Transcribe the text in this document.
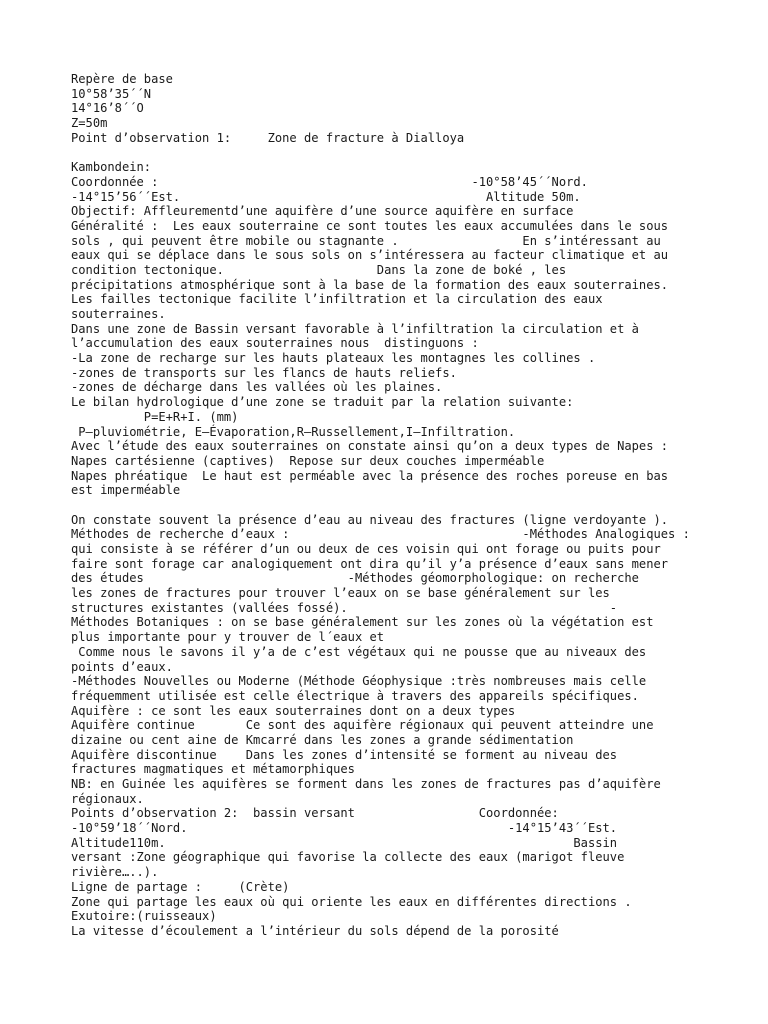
Repère de base
10°58’35´´N
14°16’8´´O
Z=50m
Point d’observation 1:     Zone de fracture à Dialloya
Kambondein:
Coordonnée :                                           -10°58’45´´Nord.
-14°15’56´´Est.                                          Altitude 50m.
Objectif: Affleurementd’une aquifère d’une source aquifère en surface
Généralité :  Les eaux souterraine ce sont toutes les eaux accumulées dans le sous
sols , qui peuvent être mobile ou stagnante .                 En s’intéressant au
eaux qui se déplace dans le sous sols on s’intéressera au facteur climatique et au
condition tectonique.                     Dans la zone de boké , les
précipitations atmosphérique sont à la base de la formation des eaux souterraines.
Les failles tectonique facilite l’infiltration et la circulation des eaux
souterraines.
Dans une zone de Bassin versant favorable à l’infiltration la circulation et à
l’accumulation des eaux souterraines nous  distinguons :
-La zone de recharge sur les hauts plateaux les montagnes les collines .
-zones de transports sur les flancs de hauts reliefs.
-zones de décharge dans les vallées où les plaines.
Le bilan hydrologique d’une zone se traduit par la relation suivante:
P=E+R+I. (mm)
P—pluviométrie, E—Évaporation,R—Russellement,I—Infiltration.
Avec l’étude des eaux souterraines on constate ainsi qu’on a deux types de Napes :
Napes cartésienne (captives)  Repose sur deux couches imperméable
Napes phréatique  Le haut est perméable avec la présence des roches poreuse en bas
est imperméable
On constate souvent la présence d’eau au niveau des fractures (ligne verdoyante ).
Méthodes de recherche d’eaux :                                -Méthodes Analogiques :
qui consiste à se référer d’un ou deux de ces voisin qui ont forage ou puits pour
faire sont forage car analogiquement ont dira qu’il y’a présence d’eaux sans mener
des études                            -Méthodes géomorphologique: on recherche
les zones de fractures pour trouver l’eaux on se base généralement sur les
structures existantes (vallées fossé).                                    -
Méthodes Botaniques : on se base généralement sur les zones où la végétation est
plus importante pour y trouver de l´eaux et
Comme nous le savons il y’a de c’est végétaux qui ne pousse que au niveaux des
points d’eaux.
-Méthodes Nouvelles ou Moderne (Méthode Géophysique :très nombreuses mais celle
fréquemment utilisée est celle électrique à travers des appareils spécifiques.
Aquifère : ce sont les eaux souterraines dont on a deux types
Aquifère continue       Ce sont des aquifère régionaux qui peuvent atteindre une
dizaine ou cent aine de Kmcarré dans les zones a grande sédimentation
Aquifère discontinue    Dans les zones d’intensité se forment au niveau des
fractures magmatiques et métamorphiques
NB: en Guinée les aquifères se forment dans les zones de fractures pas d’aquifère
régionaux.
Points d’observation 2:  bassin versant                 Coordonnée:
-10°59’18´´Nord.                                            -14°15’43´´Est.
Altitude110m.                                                        Bassin
versant :Zone géographique qui favorise la collecte des eaux (marigot fleuve
rivière…..).
Ligne de partage :     (Crète)
Zone qui partage les eaux où qui oriente les eaux en différentes directions .
Exutoire:(ruisseaux)
La vitesse d’écoulement a l’intérieur du sols dépend de la porosité
